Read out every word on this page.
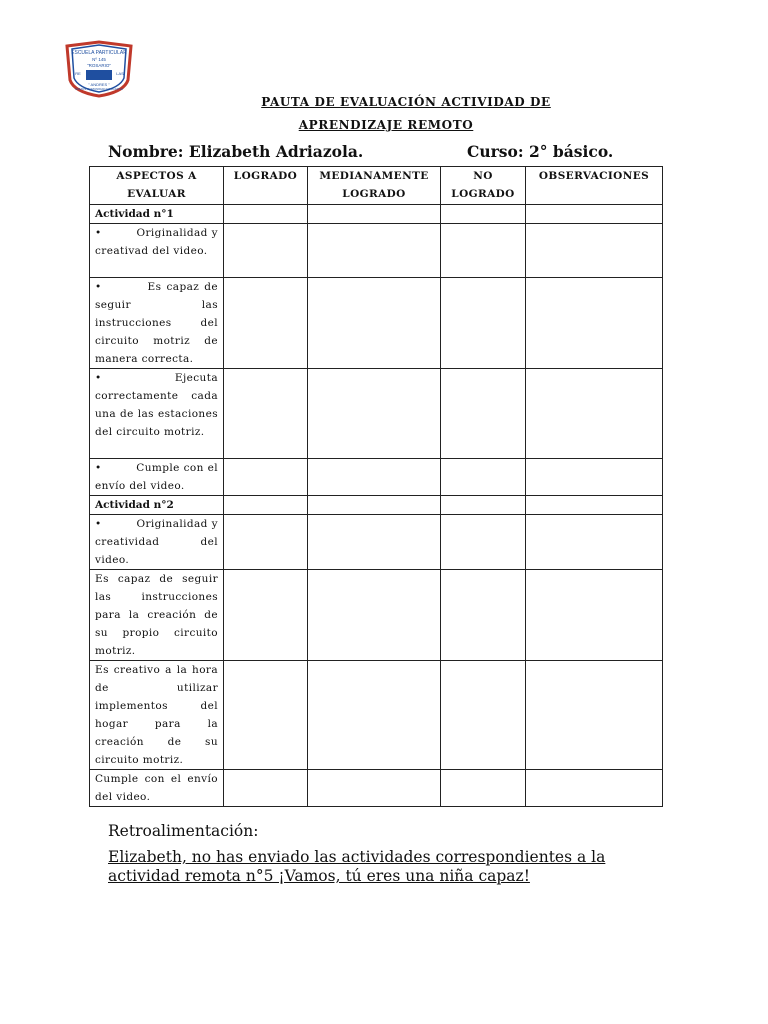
ESCUELA PARTICULAR
Nº 145
"ROSARIO"
RE	LAS
" ANDRES "
SOMOS COMUNIDAD EDUCATIVA
PAUTA DE EVALUACIÓN ACTIVIDAD DE
APRENDIZAJE REMOTO
Nombre: Elizabeth Adriazola.	Curso: 2° básico.
ASPECTOS A EVALUAR	LOGRADO	MEDIANAMENTE LOGRADO	NO LOGRADO	OBSERVACIONES
Actividad n°1				
•         Originalidad y creativad del video.				
•         Es capaz de seguir las instrucciones del circuito motriz de manera correcta.				
•         Ejecuta correctamente cada una de las estaciones del circuito motriz.				
•         Cumple con el envío del video.				
Actividad n°2				
•         Originalidad y creatividad del video.				
Es capaz de seguir las instrucciones para la creación de su propio circuito motriz.				
Es creativo a la hora de utilizar implementos del hogar para la creación de su circuito motriz.				
Cumple con el envío del video.				
Retroalimentación:
Elizabeth, no has enviado las actividades correspondientes a la actividad remota n°5 ¡Vamos, tú eres una niña capaz!
